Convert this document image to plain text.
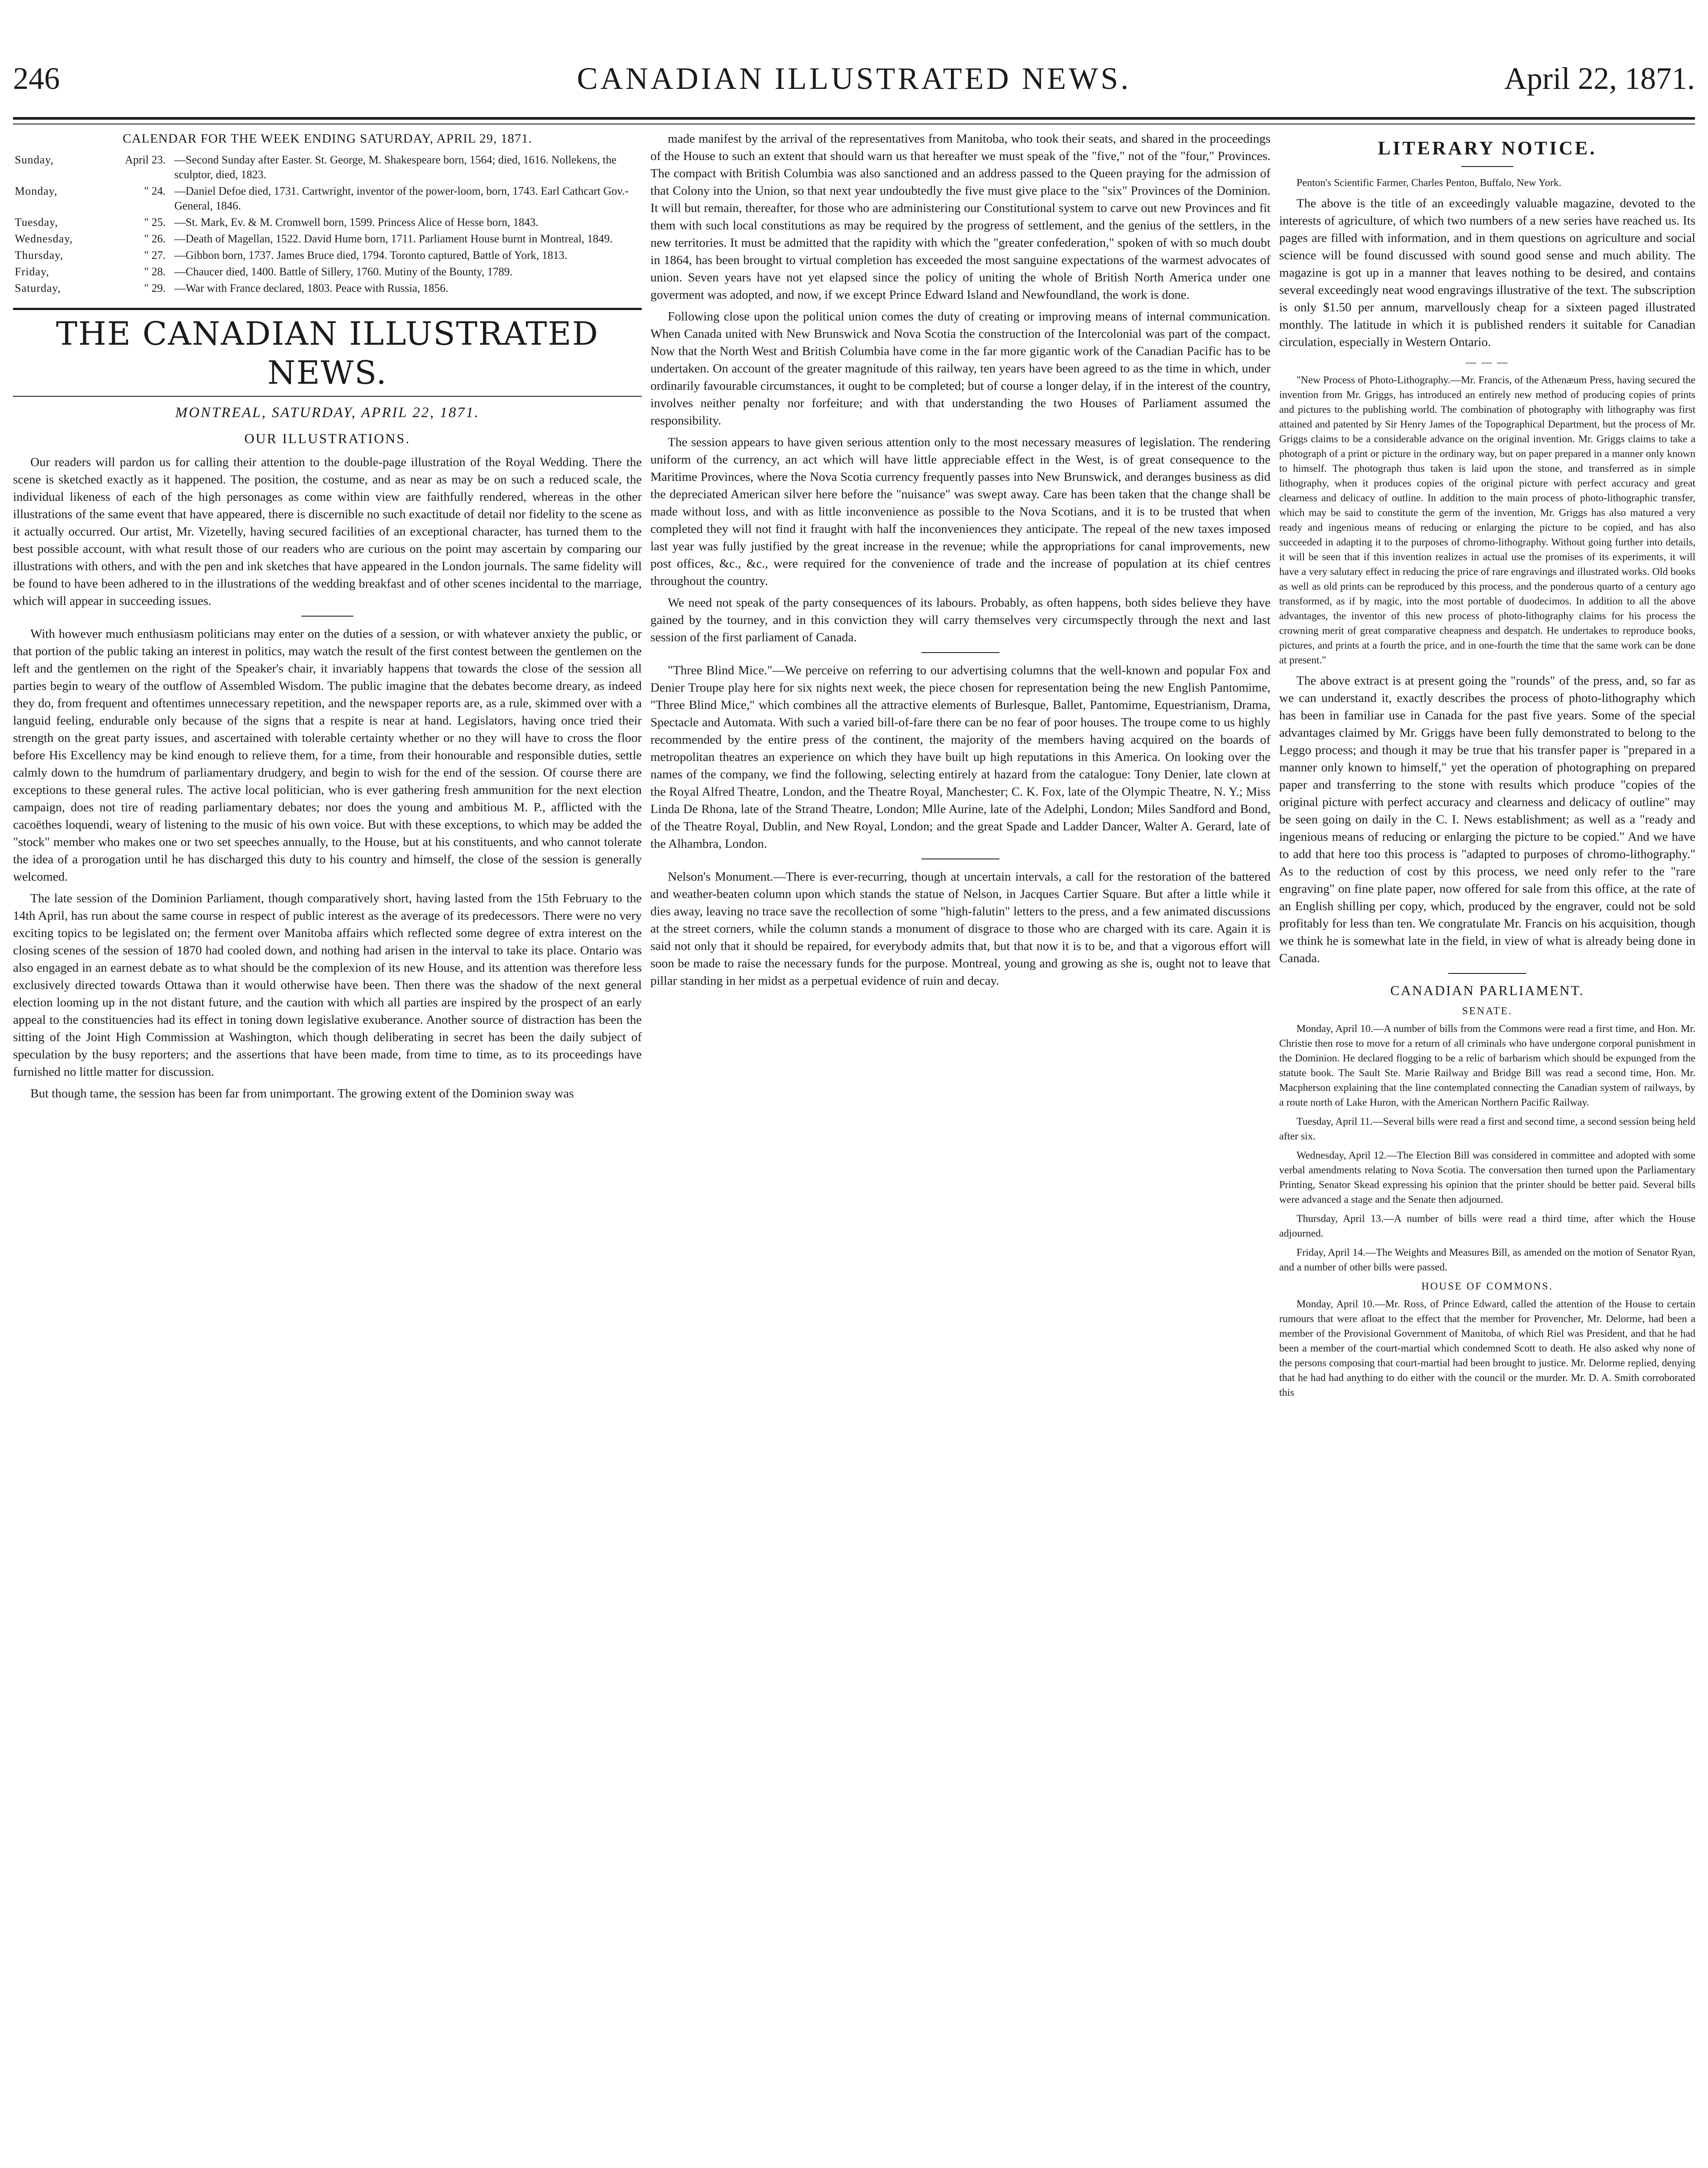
246	CANADIAN ILLUSTRATED NEWS.	April 22, 1871.
CALENDAR FOR THE WEEK ENDING SATURDAY, APRIL 29, 1871.
Sunday,	April 23.	—Second Sunday after Easter. St. George, M. Shakespeare born, 1564; died, 1616. Nollekens, the sculptor, died, 1823.
Monday,	" 24.	—Daniel Defoe died, 1731. Cartwright, inventor of the power-loom, born, 1743. Earl Cathcart Gov.-General, 1846.
Tuesday,	" 25.	—St. Mark, Ev. & M. Cromwell born, 1599. Princess Alice of Hesse born, 1843.
Wednesday,	" 26.	—Death of Magellan, 1522. David Hume born, 1711. Parliament House burnt in Montreal, 1849.
Thursday,	" 27.	—Gibbon born, 1737. James Bruce died, 1794. Toronto captured, Battle of York, 1813.
Friday,	" 28.	—Chaucer died, 1400. Battle of Sillery, 1760. Mutiny of the Bounty, 1789.
Saturday,	" 29.	—War with France declared, 1803. Peace with Russia, 1856.
THE CANADIAN ILLUSTRATED NEWS.
MONTREAL, SATURDAY, APRIL 22, 1871.
OUR ILLUSTRATIONS.

Our readers will pardon us for calling their attention to the double-page illustration of the Royal Wedding. There the scene is sketched exactly as it happened. The position, the costume, and as near as may be on such a reduced scale, the individual likeness of each of the high personages as come within view are faithfully rendered, whereas in the other illustrations of the same event that have appeared, there is discernible no such exactitude of detail nor fidelity to the scene as it actually occurred. Our artist, Mr. Vizetelly, having secured facilities of an exceptional character, has turned them to the best possible account, with what result those of our readers who are curious on the point may ascertain by comparing our illustrations with others, and with the pen and ink sketches that have appeared in the London journals. The same fidelity will be found to have been adhered to in the illustrations of the wedding breakfast and of other scenes incidental to the marriage, which will appear in succeeding issues.

With however much enthusiasm politicians may enter on the duties of a session, or with whatever anxiety the public, or that portion of the public taking an interest in politics, may watch the result of the first contest between the gentlemen on the left and the gentlemen on the right of the Speaker's chair, it invariably happens that towards the close of the session all parties begin to weary of the outflow of Assembled Wisdom. The public imagine that the debates become dreary, as indeed they do, from frequent and oftentimes unnecessary repetition, and the newspaper reports are, as a rule, skimmed over with a languid feeling, endurable only because of the signs that a respite is near at hand. Legislators, having once tried their strength on the great party issues, and ascertained with tolerable certainty whether or no they will have to cross the floor before His Excellency may be kind enough to relieve them, for a time, from their honourable and responsible duties, settle calmly down to the humdrum of parliamentary drudgery, and begin to wish for the end of the session. Of course there are exceptions to these general rules. The active local politician, who is ever gathering fresh ammunition for the next election campaign, does not tire of reading parliamentary debates; nor does the young and ambitious M. P., afflicted with the cacoëthes loquendi, weary of listening to the music of his own voice. But with these exceptions, to which may be added the "stock" member who makes one or two set speeches annually, to the House, but at his constituents, and who cannot tolerate the idea of a prorogation until he has discharged this duty to his country and himself, the close of the session is generally welcomed.

The late session of the Dominion Parliament, though comparatively short, having lasted from the 15th February to the 14th April, has run about the same course in respect of public interest as the average of its predecessors. There were no very exciting topics to be legislated on; the ferment over Manitoba affairs which reflected some degree of extra interest on the closing scenes of the session of 1870 had cooled down, and nothing had arisen in the interval to take its place. Ontario was also engaged in an earnest debate as to what should be the complexion of its new House, and its attention was therefore less exclusively directed towards Ottawa than it would otherwise have been. Then there was the shadow of the next general election looming up in the not distant future, and the caution with which all parties are inspired by the prospect of an early appeal to the constituencies had its effect in toning down legislative exuberance. Another source of distraction has been the sitting of the Joint High Commission at Washington, which though deliberating in secret has been the daily subject of speculation by the busy reporters; and the assertions that have been made, from time to time, as to its proceedings have furnished no little matter for discussion.

But though tame, the session has been far from unimportant. The growing extent of the Dominion sway was

made manifest by the arrival of the representatives from Manitoba, who took their seats, and shared in the proceedings of the House to such an extent that should warn us that hereafter we must speak of the "five," not of the "four," Provinces. The compact with British Columbia was also sanctioned and an address passed to the Queen praying for the admission of that Colony into the Union, so that next year undoubtedly the five must give place to the "six" Provinces of the Dominion. It will but remain, thereafter, for those who are administering our Constitutional system to carve out new Provinces and fit them with such local constitutions as may be required by the progress of settlement, and the genius of the settlers, in the new territories. It must be admitted that the rapidity with which the "greater confederation," spoken of with so much doubt in 1864, has been brought to virtual completion has exceeded the most sanguine expectations of the warmest advocates of union. Seven years have not yet elapsed since the policy of uniting the whole of British North America under one goverment was adopted, and now, if we except Prince Edward Island and Newfoundland, the work is done.

Following close upon the political union comes the duty of creating or improving means of internal communication. When Canada united with New Brunswick and Nova Scotia the construction of the Intercolonial was part of the compact. Now that the North West and British Columbia have come in the far more gigantic work of the Canadian Pacific has to be undertaken. On account of the greater magnitude of this railway, ten years have been agreed to as the time in which, under ordinarily favourable circumstances, it ought to be completed; but of course a longer delay, if in the interest of the country, involves neither penalty nor forfeiture; and with that understanding the two Houses of Parliament assumed the responsibility.

The session appears to have given serious attention only to the most necessary measures of legislation. The rendering uniform of the currency, an act which will have little appreciable effect in the West, is of great consequence to the Maritime Provinces, where the Nova Scotia currency frequently passes into New Brunswick, and deranges business as did the depreciated American silver here before the "nuisance" was swept away. Care has been taken that the change shall be made without loss, and with as little inconvenience as possible to the Nova Scotians, and it is to be trusted that when completed they will not find it fraught with half the inconveniences they anticipate. The repeal of the new taxes imposed last year was fully justified by the great increase in the revenue; while the appropriations for canal improvements, new post offices, &c., &c., were required for the convenience of trade and the increase of population at its chief centres throughout the country.

We need not speak of the party consequences of its labours. Probably, as often happens, both sides believe they have gained by the tourney, and in this conviction they will carry themselves very circumspectly through the next and last session of the first parliament of Canada.

"Three Blind Mice."—We perceive on referring to our advertising columns that the well-known and popular Fox and Denier Troupe play here for six nights next week, the piece chosen for representation being the new English Pantomime, "Three Blind Mice," which combines all the attractive elements of Burlesque, Ballet, Pantomime, Equestrianism, Drama, Spectacle and Automata. With such a varied bill-of-fare there can be no fear of poor houses. The troupe come to us highly recommended by the entire press of the continent, the majority of the members having acquired on the boards of metropolitan theatres an experience on which they have built up high reputations in this America. On looking over the names of the company, we find the following, selecting entirely at hazard from the catalogue: Tony Denier, late clown at the Royal Alfred Theatre, London, and the Theatre Royal, Manchester; C. K. Fox, late of the Olympic Theatre, N. Y.; Miss Linda De Rhona, late of the Strand Theatre, London; Mlle Aurine, late of the Adelphi, London; Miles Sandford and Bond, of the Theatre Royal, Dublin, and New Royal, London; and the great Spade and Ladder Dancer, Walter A. Gerard, late of the Alhambra, London.

Nelson's Monument.—There is ever-recurring, though at uncertain intervals, a call for the restoration of the battered and weather-beaten column upon which stands the statue of Nelson, in Jacques Cartier Square. But after a little while it dies away, leaving no trace save the recollection of some "high-falutin" letters to the press, and a few animated discussions at the street corners, while the column stands a monument of disgrace to those who are charged with its care. Again it is said not only that it should be repaired, for everybody admits that, but that now it is to be, and that a vigorous effort will soon be made to raise the necessary funds for the purpose. Montreal, young and growing as she is, ought not to leave that pillar standing in her midst as a perpetual evidence of ruin and decay.

LITERARY NOTICE.

Penton's Scientific Farmer, Charles Penton, Buffalo, New York.

The above is the title of an exceedingly valuable magazine, devoted to the interests of agriculture, of which two numbers of a new series have reached us. Its pages are filled with information, and in them questions on agriculture and social science will be found discussed with sound good sense and much ability. The magazine is got up in a manner that leaves nothing to be desired, and contains several exceedingly neat wood engravings illustrative of the text. The subscription is only $1.50 per annum, marvellously cheap for a sixteen paged illustrated monthly. The latitude in which it is published renders it suitable for Canadian circulation, especially in Western Ontario.

— — —

"New Process of Photo-Lithography.—Mr. Francis, of the Athenæum Press, having secured the invention from Mr. Griggs, has introduced an entirely new method of producing copies of prints and pictures to the publishing world. The combination of photography with lithography was first attained and patented by Sir Henry James of the Topographical Department, but the process of Mr. Griggs claims to be a considerable advance on the original invention. Mr. Griggs claims to take a photograph of a print or picture in the ordinary way, but on paper prepared in a manner only known to himself. The photograph thus taken is laid upon the stone, and transferred as in simple lithography, when it produces copies of the original picture with perfect accuracy and great clearness and delicacy of outline. In addition to the main process of photo-lithographic transfer, which may be said to constitute the germ of the invention, Mr. Griggs has also matured a very ready and ingenious means of reducing or enlarging the picture to be copied, and has also succeeded in adapting it to the purposes of chromo-lithography. Without going further into details, it will be seen that if this invention realizes in actual use the promises of its experiments, it will have a very salutary effect in reducing the price of rare engravings and illustrated works. Old books as well as old prints can be reproduced by this process, and the ponderous quarto of a century ago transformed, as if by magic, into the most portable of duodecimos. In addition to all the above advantages, the inventor of this new process of photo-lithography claims for his process the crowning merit of great comparative cheapness and despatch. He undertakes to reproduce books, pictures, and prints at a fourth the price, and in one-fourth the time that the same work can be done at present."

The above extract is at present going the "rounds" of the press, and, so far as we can understand it, exactly describes the process of photo-lithography which has been in familiar use in Canada for the past five years. Some of the special advantages claimed by Mr. Griggs have been fully demonstrated to belong to the Leggo process; and though it may be true that his transfer paper is "prepared in a manner only known to himself," yet the operation of photographing on prepared paper and transferring to the stone with results which produce "copies of the original picture with perfect accuracy and clearness and delicacy of outline" may be seen going on daily in the C. I. News establishment; as well as a "ready and ingenious means of reducing or enlarging the picture to be copied." And we have to add that here too this process is "adapted to purposes of chromo-lithography." As to the reduction of cost by this process, we need only refer to the "rare engraving" on fine plate paper, now offered for sale from this office, at the rate of an English shilling per copy, which, produced by the engraver, could not be sold profitably for less than ten. We congratulate Mr. Francis on his acquisition, though we think he is somewhat late in the field, in view of what is already being done in Canada.

CANADIAN PARLIAMENT.
SENATE.

Monday, April 10.—A number of bills from the Commons were read a first time, and Hon. Mr. Christie then rose to move for a return of all criminals who have undergone corporal punishment in the Dominion. He declared flogging to be a relic of barbarism which should be expunged from the statute book. The Sault Ste. Marie Railway and Bridge Bill was read a second time, Hon. Mr. Macpherson explaining that the line contemplated connecting the Canadian system of railways, by a route north of Lake Huron, with the American Northern Pacific Railway.

Tuesday, April 11.—Several bills were read a first and second time, a second session being held after six.

Wednesday, April 12.—The Election Bill was considered in committee and adopted with some verbal amendments relating to Nova Scotia. The conversation then turned upon the Parliamentary Printing, Senator Skead expressing his opinion that the printer should be better paid. Several bills were advanced a stage and the Senate then adjourned.

Thursday, April 13.—A number of bills were read a third time, after which the House adjourned.

Friday, April 14.—The Weights and Measures Bill, as amended on the motion of Senator Ryan, and a number of other bills were passed.

HOUSE OF COMMONS.

Monday, April 10.—Mr. Ross, of Prince Edward, called the attention of the House to certain rumours that were afloat to the effect that the member for Provencher, Mr. Delorme, had been a member of the Provisional Government of Manitoba, of which Riel was President, and that he had been a member of the court-martial which condemned Scott to death. He also asked why none of the persons composing that court-martial had been brought to justice. Mr. Delorme replied, denying that he had had anything to do either with the council or the murder. Mr. D. A. Smith corroborated this
